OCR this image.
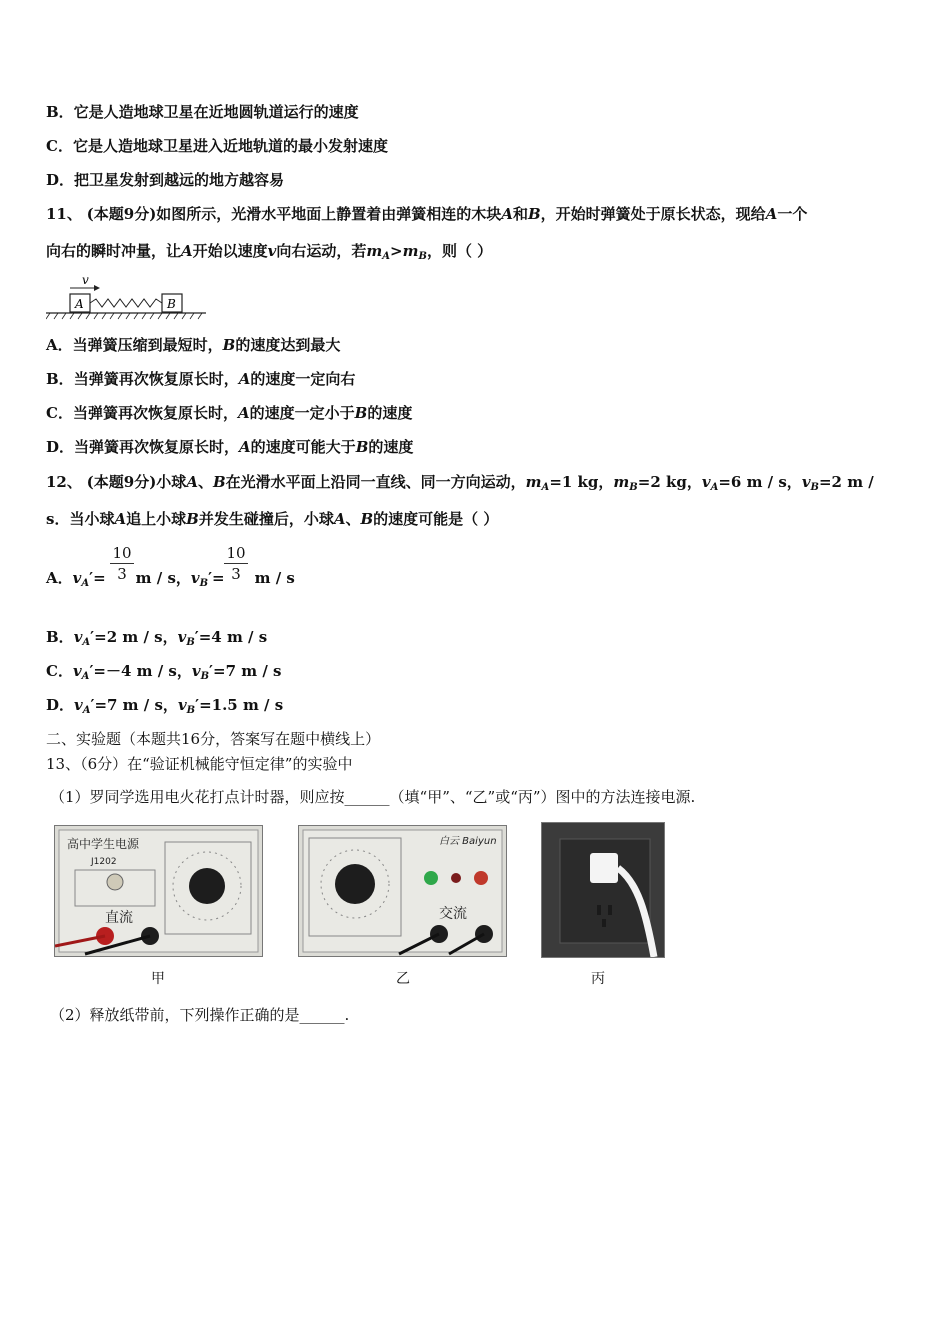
B．它是人造地球卫星在近地圆轨道运行的速度
C．它是人造地球卫星进入近地轨道的最小发射速度
D．把卫星发射到越远的地方越容易
11、 (本题9分)如图所示，光滑水平地面上静置着由弹簧相连的木块A和B，开始时弹簧处于原长状态，现给A一个
向右的瞬时冲量，让A开始以速度v向右运动，若$m_A>m_B$，则（ ）
v
A	B
A．当弹簧压缩到最短时，B的速度达到最大
B．当弹簧再次恢复原长时，A的速度一定向右
C．当弹簧再次恢复原长时，A的速度一定小于B的速度
D．当弹簧再次恢复原长时，A的速度可能大于B的速度
12、 (本题9分)小球A、B在光滑水平面上沿同一直线、同一方向运动，$m_A=1$ kg，$m_B=2$ kg，$v_A=6$ m / s，$v_B=2$ m /
s．当小球A追上小球B并发生碰撞后，小球A、B的速度可能是（ ）
A．$v_A'= m / s$，$v_B'= m / s$
$\frac{10}{3}$	$\frac{10}{3}$
B．$v_A'=2$ m / s，$v_B'=4$ m / s
C．$v_A'=-4$ m / s，$v_B'=7$ m / s
D．$v_A'=7$ m / s，$v_B'=1.5$ m / s
二、实验题（本题共16分，答案写在题中横线上）
13、（6分）在“验证机械能守恒定律”的实验中
（1）罗同学选用电火花打点计时器，则应按______（填“甲”、“乙”或“丙”）图中的方法连接电源.
高中学生电源
J1202
直流
甲
白云 Baiyun
交流
乙	丙
（2）释放纸带前，下列操作正确的是______.
